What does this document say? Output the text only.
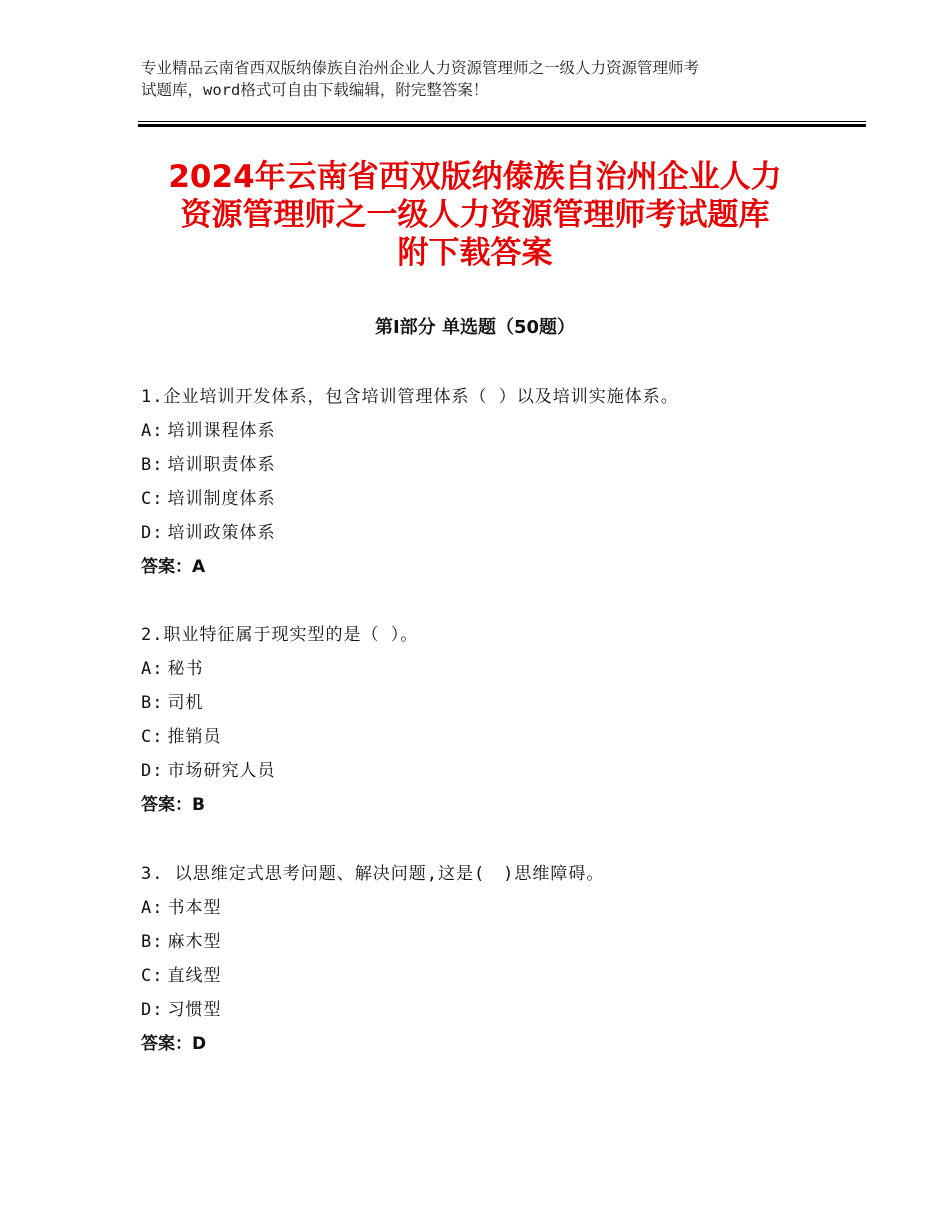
专业精品云南省西双版纳傣族自治州企业人力资源管理师之一级人力资源管理师考
试题库，word格式可自由下载编辑，附完整答案！
2024年云南省西双版纳傣族自治州企业人力
资源管理师之一级人力资源管理师考试题库
附下载答案
第Ⅰ部分 单选题（50题）
1.企业培训开发体系，包含培训管理体系（ ）以及培训实施体系。
A: 培训课程体系
B: 培训职责体系
C: 培训制度体系
D: 培训政策体系
答案：A
2.职业特征属于现实型的是（ ）。
A: 秘书
B: 司机
C: 推销员
D: 市场研究人员
答案：B
3. 以思维定式思考问题、解决问题,这是(　)思维障碍。
A: 书本型
B: 麻木型
C: 直线型
D: 习惯型
答案：D
